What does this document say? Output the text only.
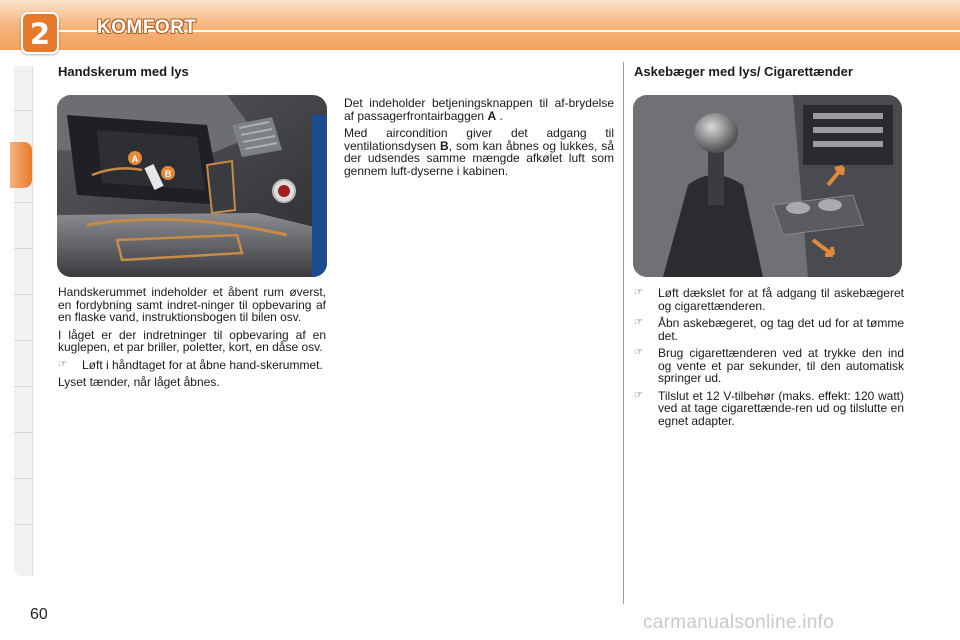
2	KOMFORT
Handskerum med lys
A
B

Handskerummet indeholder et åbent rum øverst, en fordybning samt indret-ninger til opbevaring af en flaske vand, instruktionsbogen til bilen osv.

I låget er der indretninger til opbevaring af en kuglepen, et par briller, poletter, kort, en dåse osv.

☞ Løft i håndtaget for at åbne hand-skerummet.

Lyset tænder, når låget åbnes.

Det indeholder betjeningsknappen til af-brydelse af passagerfrontairbaggen A .

Med aircondition giver det adgang til ventilationsdysen B, som kan åbnes og lukkes, så der udsendes samme mængde afkølet luft som gennem luft-dyserne i kabinen.

Askebæger med lys/ Cigarettænder
☞ Løft dækslet for at få adgang til askebægeret og cigarettænderen.
☞ Åbn askebægeret, og tag det ud for at tømme det.
☞ Brug cigarettænderen ved at trykke den ind og vente et par sekunder, til den automatisk springer ud.
☞ Tilslut et 12 V-tilbehør (maks. effekt: 120 watt) ved at tage cigarettænde-ren ud og tilslutte en egnet adapter.
60	carmanualsonline.info
